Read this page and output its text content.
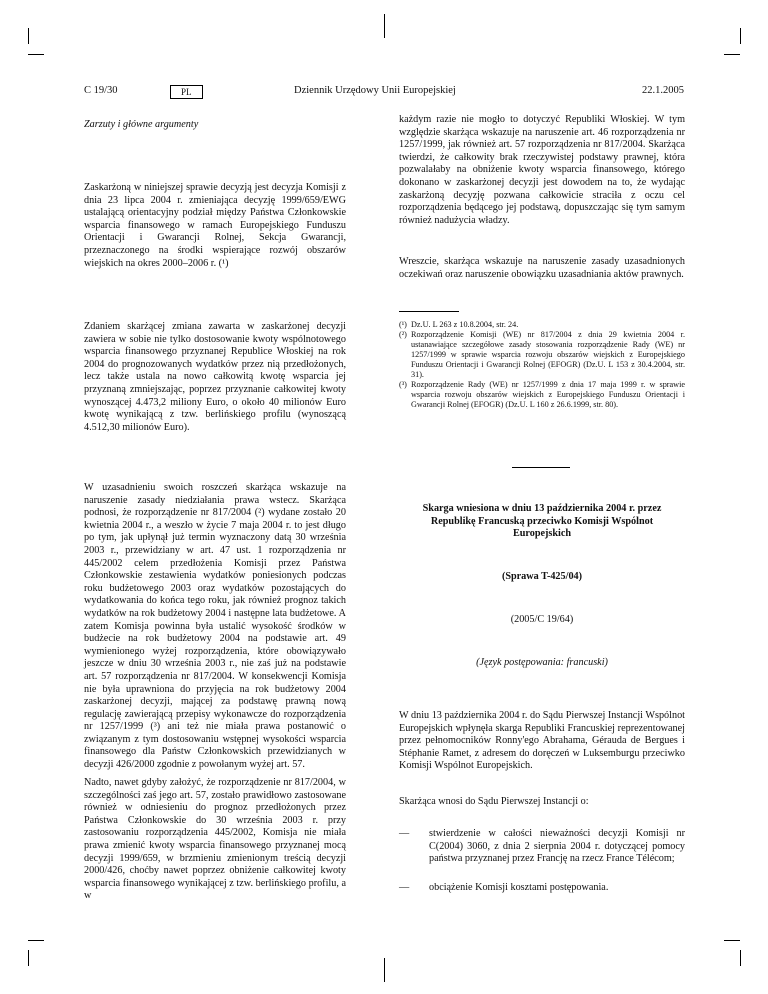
C 19/30	PL	Dziennik Urzędowy Unii Europejskiej	22.1.2005
Zarzuty i główne argumenty
Zaskarżoną w niniejszej sprawie decyzją jest decyzja Komisji z dnia 23 lipca 2004 r. zmieniająca decyzję 1999/659/EWG ustalającą orientacyjny podział między Państwa Członkowskie wsparcia finansowego w ramach Europejskiego Funduszu Orientacji i Gwarancji Rolnej, Sekcja Gwarancji, przeznaczonego na środki wspierające rozwój obszarów wiejskich na okres 2000–2006 r. (¹)
Zdaniem skarżącej zmiana zawarta w zaskarżonej decyzji zawiera w sobie nie tylko dostosowanie kwoty wspólnotowego wsparcia finansowego przyznanej Republice Włoskiej na rok 2004 do prognozowanych wydatków przez nią przedłożonych, lecz także ustala na nowo całkowitą kwotę wsparcia jej przyznaną zmniejszając, poprzez przyznanie całkowitej kwoty wynoszącej 4.473,2 miliony Euro, o około 40 milionów Euro kwotę wynikającą z tzw. berlińskiego profilu (wynoszącą 4.512,30 milionów Euro).
W uzasadnieniu swoich roszczeń skarżąca wskazuje na naruszenie zasady niedziałania prawa wstecz. Skarżąca podnosi, że rozporządzenie nr 817/2004 (²) wydane zostało 20 kwietnia 2004 r., a weszło w życie 7 maja 2004 r. to jest długo po tym, jak upłynął już termin wyznaczony datą 30 września 2003 r., przewidziany w art. 47 ust. 1 rozporządzenia nr 445/2002 celem przedłożenia Komisji przez Państwa Członkowskie zestawienia wydatków poniesionych podczas roku budżetowego 2003 oraz wydatków pozostających do wydatkowania do końca tego roku, jak również prognoz takich wydatków na rok budżetowy 2004 i następne lata budżetowe. A zatem Komisja powinna była ustalić wysokość środków w budżecie na rok budżetowy 2004 na podstawie art. 49 wymienionego wyżej rozporządzenia, które obowiązywało jeszcze w dniu 30 września 2003 r., nie zaś już na podstawie art. 57 rozporządzenia nr 817/2004. W konsekwencji Komisja nie była uprawniona do przyjęcia na rok budżetowy 2004 zaskarżonej decyzji, mającej za podstawę prawną nową regulację zawierającą przepisy wykonawcze do rozporządzenia nr 1257/1999 (³) ani też nie miała prawa postanowić o związanym z tym dostosowaniu wstępnej wysokości wsparcia finansowego dla Państw Członkowskich przewidzianych w decyzji 426/2000 zgodnie z powołanym wyżej art. 57.
Nadto, nawet gdyby założyć, że rozporządzenie nr 817/2004, w szczególności zaś jego art. 57, zostało prawidłowo zastosowane również w odniesieniu do prognoz przedłożonych przez Państwa Członkowskie do 30 września 2003 r. przy zastosowaniu rozporządzenia 445/2002, Komisja nie miała prawa zmienić kwoty wsparcia finansowego przyznanej mocą decyzji 1999/659, w brzmieniu zmienionym treścią decyzji 2000/426, choćby nawet poprzez obniżenie całkowitej kwoty wsparcia finansowego wynikającej z tzw. berlińskiego profilu, a w
każdym razie nie mogło to dotyczyć Republiki Włoskiej. W tym względzie skarżąca wskazuje na naruszenie art. 46 rozporządzenia nr 1257/1999, jak również art. 57 rozporządzenia nr 817/2004. Skarżąca twierdzi, że całkowity brak rzeczywistej podstawy prawnej, która pozwalałaby na obniżenie kwoty wsparcia finansowego, którego dokonano w zaskarżonej decyzji jest dowodem na to, że wydając zaskarżoną decyzję pozwana całkowicie straciła z oczu cel rozporządzenia będącego jej podstawą, dopuszczając się tym samym również nadużycia władzy.
Wreszcie, skarżąca wskazuje na naruszenie zasady uzasadnionych oczekiwań oraz naruszenie obowiązku uzasadniania aktów prawnych.
(¹) Dz.U. L 263 z 10.8.2004, str. 24.
(²) Rozporządzenie Komisji (WE) nr 817/2004 z dnia 29 kwietnia 2004 r. ustanawiające szczegółowe zasady stosowania rozporządzenie Rady (WE) nr 1257/1999 w sprawie wsparcia rozwoju obszarów wiejskich z Europejskiego Funduszu Orientacji i Gwarancji Rolnej (EFOGR) (Dz.U. L 153 z 30.4.2004, str. 31).
(³) Rozporządzenie Rady (WE) nr 1257/1999 z dnia 17 maja 1999 r. w sprawie wsparcia rozwoju obszarów wiejskich z Europejskiego Funduszu Orientacji i Gwarancji Rolnej (EFOGR) (Dz.U. L 160 z 26.6.1999, str. 80).
Skarga wniesiona w dniu 13 października 2004 r. przez Republikę Francuską przeciwko Komisji Wspólnot Europejskich
(Sprawa T-425/04)
(2005/C 19/64)
(Język postępowania: francuski)
W dniu 13 października 2004 r. do Sądu Pierwszej Instancji Wspólnot Europejskich wpłynęła skarga Republiki Francuskiej reprezentowanej przez pełnomocników Ronny'ego Abrahama, Gérauda de Bergues i Stéphanie Ramet, z adresem do doręczeń w Luksemburgu przeciwko Komisji Wspólnot Europejskich.
Skarżąca wnosi do Sądu Pierwszej Instancji o:
— stwierdzenie w całości nieważności decyzji Komisji nr C(2004) 3060, z dnia 2 sierpnia 2004 r. dotyczącej pomocy państwa przyznanej przez Francję na rzecz France Télécom;
— obciążenie Komisji kosztami postępowania.
